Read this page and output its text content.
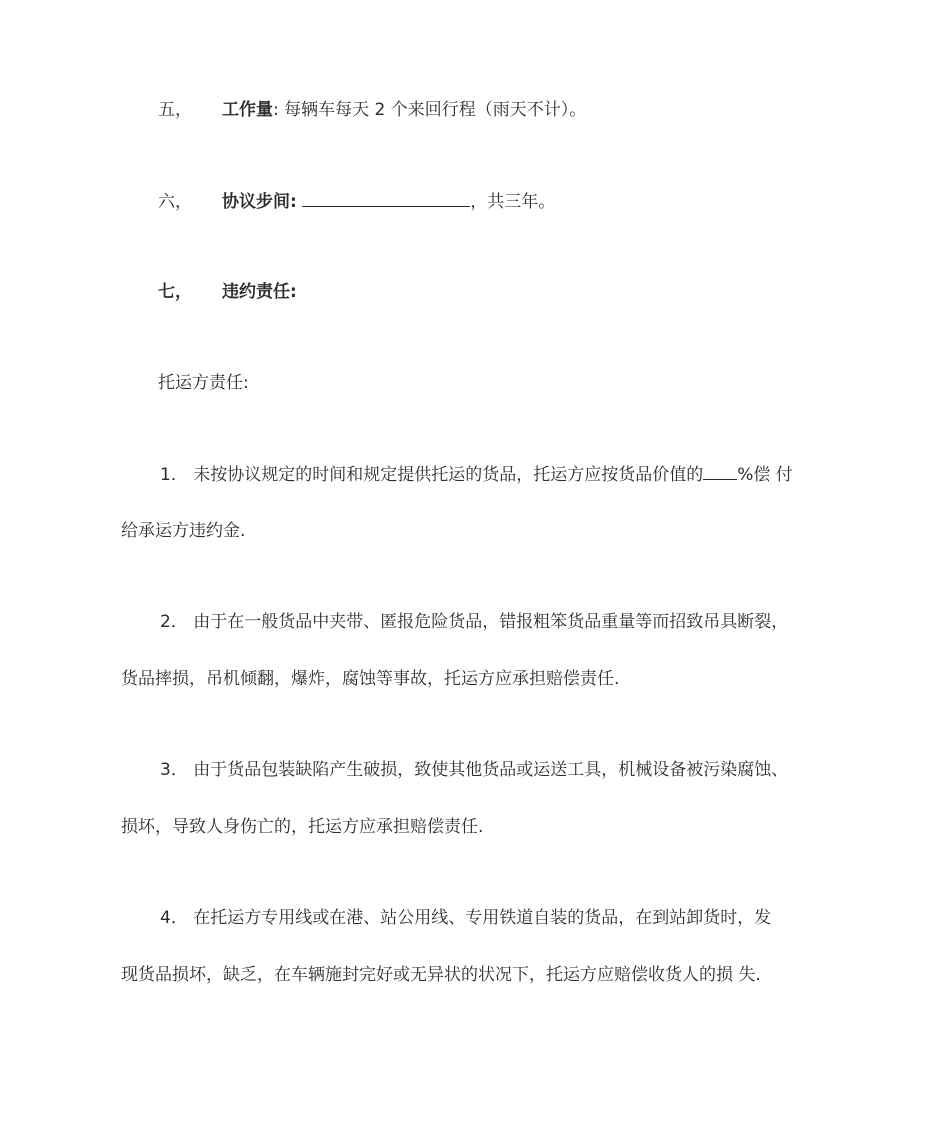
五， 工作量: 每辆车每天 2 个来回行程（雨天不计）。
六， 协议步间:	，共三年。
七， 违约责任:
托运方责任:
1． 未按协议规定的时间和规定提供托运的货品，托运方应按货品价值的 %偿 付
给承运方违约金.
2． 由于在一般货品中夹带、匿报危险货品，错报粗笨货品重量等而招致吊具断裂，
货品摔损，吊机倾翻，爆炸，腐蚀等事故，托运方应承担赔偿责任.
3． 由于货品包装缺陷产生破损，致使其他货品或运送工具，机械设备被污染腐蚀、
损坏，导致人身伤亡的，托运方应承担赔偿责任.
4． 在托运方专用线或在港、站公用线、专用铁道自装的货品，在到站卸货时，发
现货品损坏，缺乏，在车辆施封完好或无异状的状况下，托运方应赔偿收货人的损 失.
